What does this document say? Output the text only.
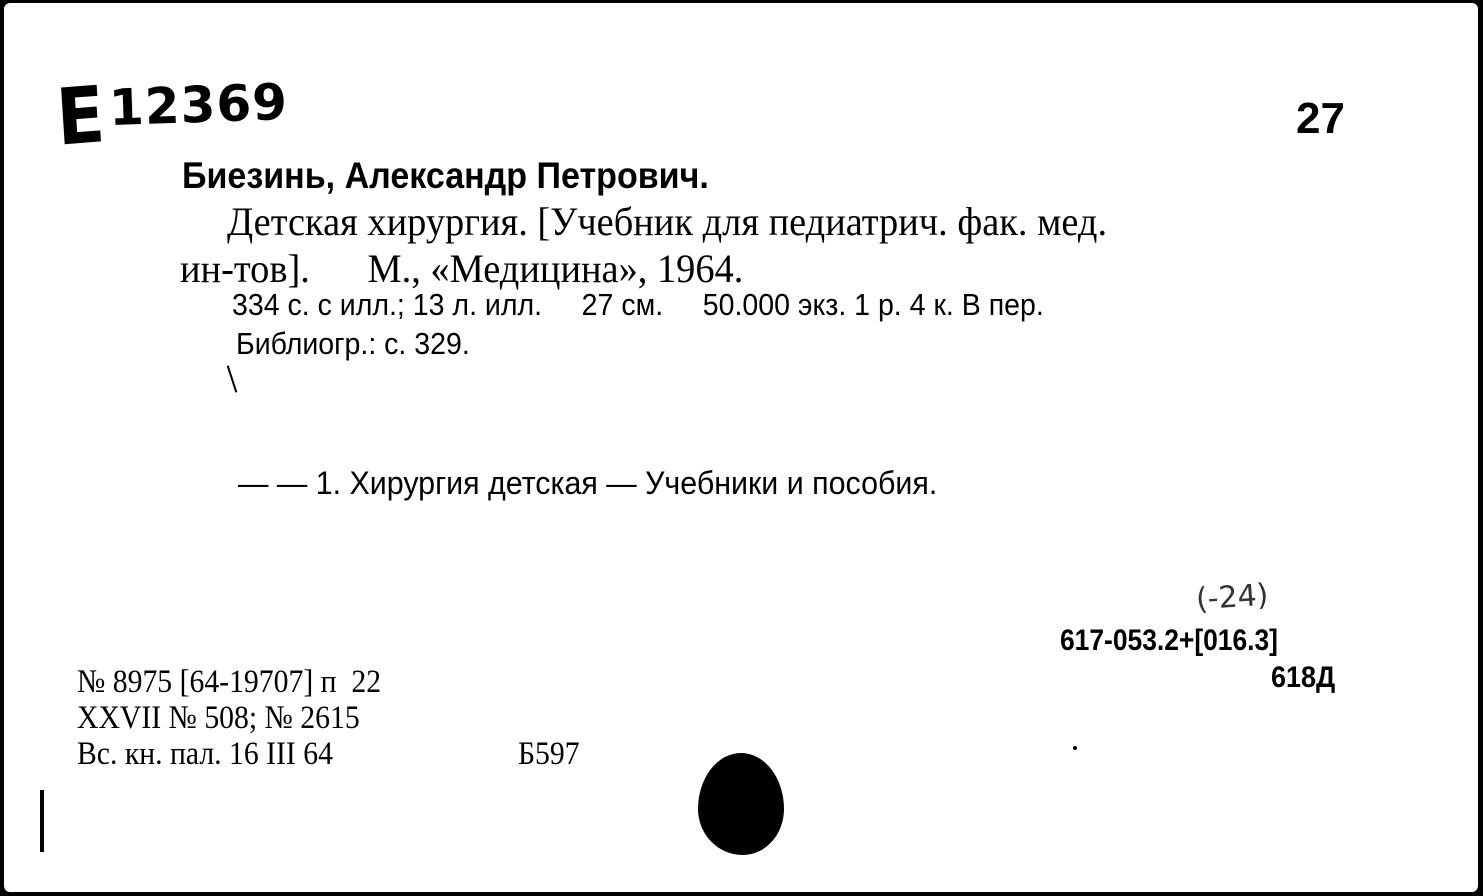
E12369	27
Биезинь, Александр Петрович.
Детская хирургия. [Учебник для педиатрич. фак. мед.
ин-тов].      М., «Медицина», 1964.
334 с. с илл.; 13 л. илл.     27 см.     50.000 экз. 1 р. 4 к. В пер.
Библиогр.: с. 329.
— — 1. Хирургия детская — Учебники и пособия.
(-24)
617-053.2+[016.3]
618Д
№ 8975 [64-19707] п  22
XXVII № 508; № 2615
Вс. кн. пал. 16 III 64	Б597
